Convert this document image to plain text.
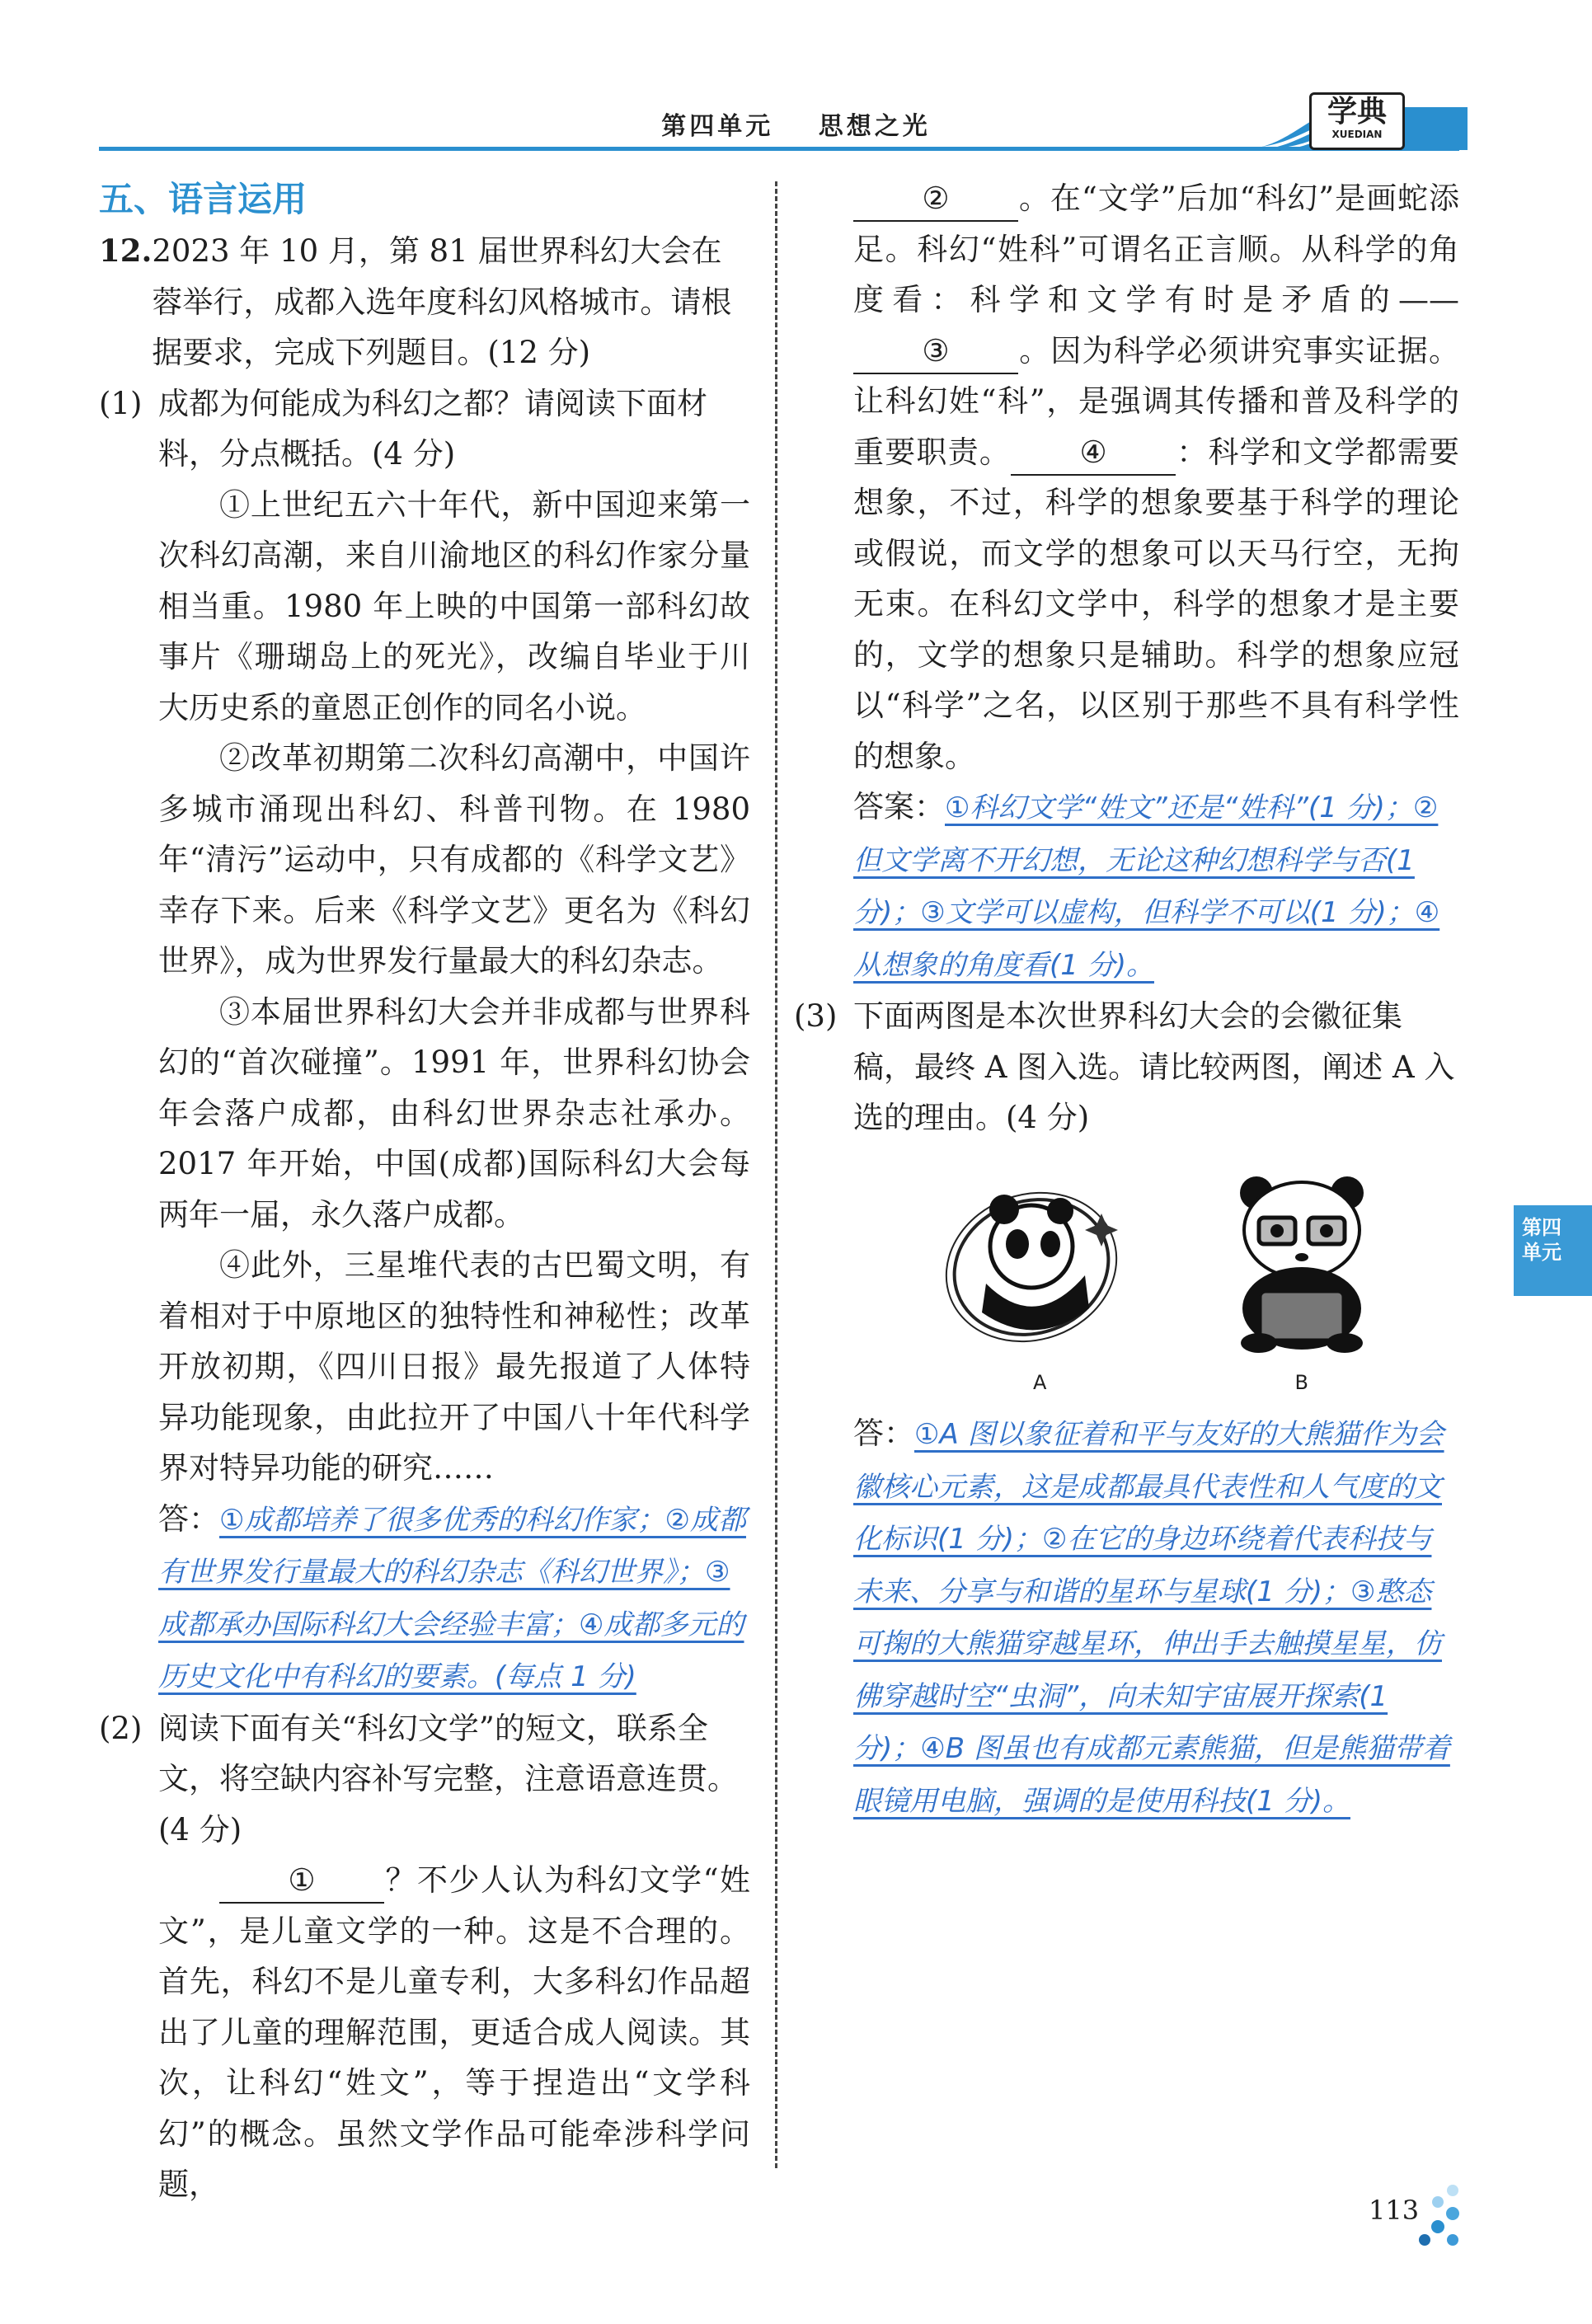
第四单元 思想之光	学典
XUEDIAN
第四
单元
五、语言运用
12. 2023 年 10 月，第 81 届世界科幻大会在蓉举行，成都入选年度科幻风格城市。请根据要求，完成下列题目。(12 分)
(1) 成都为何能成为科幻之都？请阅读下面材料，分点概括。(4 分)
①上世纪五六十年代，新中国迎来第一次科幻高潮，来自川渝地区的科幻作家分量相当重。1980 年上映的中国第一部科幻故事片《珊瑚岛上的死光》，改编自毕业于川大历史系的童恩正创作的同名小说。
②改革初期第二次科幻高潮中，中国许多城市涌现出科幻、科普刊物。在 1980 年“清污”运动中，只有成都的《科学文艺》幸存下来。后来《科学文艺》更名为《科幻世界》，成为世界发行量最大的科幻杂志。
③本届世界科幻大会并非成都与世界科幻的“首次碰撞”。1991 年，世界科幻协会年会落户成都，由科幻世界杂志社承办。2017 年开始，中国(成都)国际科幻大会每两年一届，永久落户成都。
④此外，三星堆代表的古巴蜀文明，有着相对于中原地区的独特性和神秘性；改革开放初期，《四川日报》最先报道了人体特异功能现象，由此拉开了中国八十年代科学界对特异功能的研究……
答：①成都培养了很多优秀的科幻作家；②成都有世界发行量最大的科幻杂志《科幻世界》；③成都承办国际科幻大会经验丰富；④成都多元的历史文化中有科幻的要素。(每点 1 分)
(2) 阅读下面有关“科幻文学”的短文，联系全文，将空缺内容补写完整，注意语意连贯。(4 分)
① ？不少人认为科幻文学“姓文”，是儿童文学的一种。这是不合理的。首先，科幻不是儿童专利，大多科幻作品超出了儿童的理解范围，更适合成人阅读。其次，让科幻“姓文”，等于捏造出“文学科幻”的概念。虽然文学作品可能牵涉科学问题，
② 。在“文学”后加“科幻”是画蛇添足。科幻“姓科”可谓名正言顺。从科学的角度看：科学和文学有时是矛盾的——③ 。因为科学必须讲究事实证据。让科幻姓“科”，是强调其传播和普及科学的重要职责。 ④ ：科学和文学都需要想象，不过，科学的想象要基于科学的理论或假说，而文学的想象可以天马行空，无拘无束。在科幻文学中，科学的想象才是主要的，文学的想象只是辅助。科学的想象应冠以“科学”之名，以区别于那些不具有科学性的想象。
答案：①科幻文学“姓文”还是“姓科”(1 分)；②但文学离不开幻想，无论这种幻想科学与否(1 分)；③文学可以虚构，但科学不可以(1 分)；④从想象的角度看(1 分)。
(3) 下面两图是本次世界科幻大会的会徽征集稿，最终 A 图入选。请比较两图，阐述 A 入选的理由。(4 分)
A	B
答：①A 图以象征着和平与友好的大熊猫作为会徽核心元素，这是成都最具代表性和人气度的文化标识(1 分)；②在它的身边环绕着代表科技与未来、分享与和谐的星环与星球(1 分)；③憨态可掬的大熊猫穿越星环，伸出手去触摸星星，仿佛穿越时空“虫洞”，向未知宇宙展开探索(1 分)；④B 图虽也有成都元素熊猫，但是熊猫带着眼镜用电脑，强调的是使用科技(1 分)。
113
